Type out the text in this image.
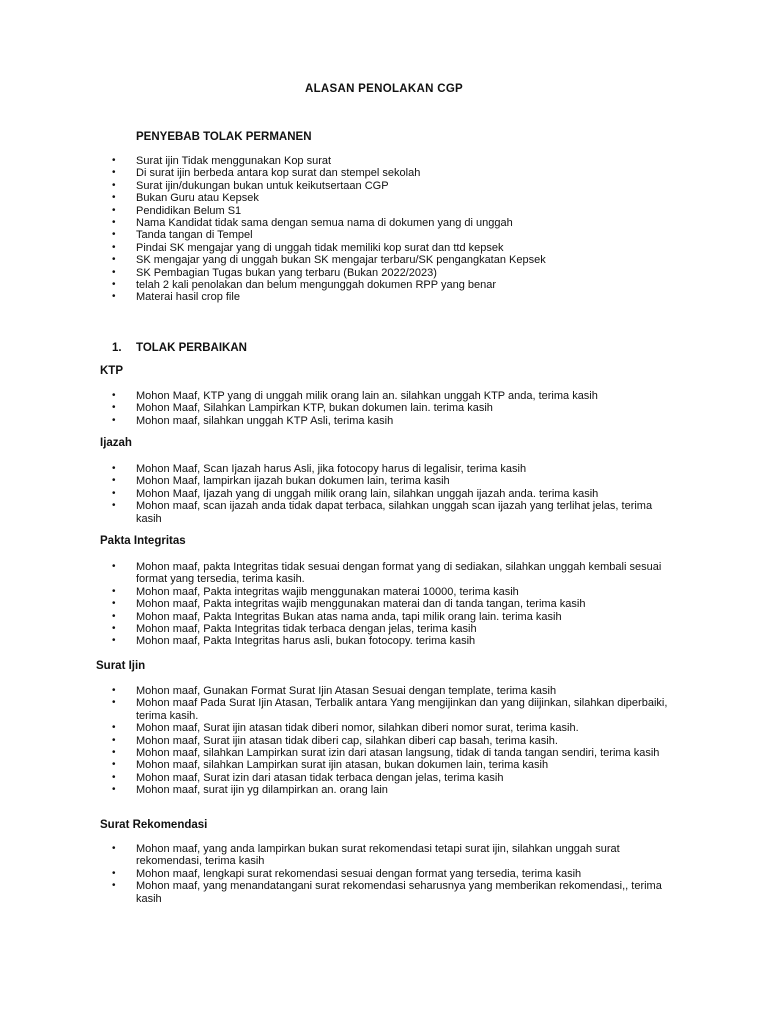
ALASAN PENOLAKAN CGP
PENYEBAB TOLAK PERMANEN
• Surat ijin Tidak menggunakan Kop surat
• Di surat ijin berbeda antara kop surat dan stempel sekolah
• Surat ijin/dukungan bukan untuk keikutsertaan CGP
• Bukan Guru atau Kepsek
• Pendidikan Belum S1
• Nama Kandidat tidak sama dengan semua nama di dokumen yang di unggah
• Tanda tangan di Tempel
• Pindai SK mengajar yang di unggah tidak memiliki kop surat dan ttd kepsek
• SK mengajar yang di unggah bukan SK mengajar terbaru/SK pengangkatan Kepsek
• SK Pembagian Tugas bukan yang terbaru (Bukan 2022/2023)
• telah 2 kali penolakan dan belum mengunggah dokumen RPP yang benar
• Materai hasil crop file
1. TOLAK PERBAIKAN
KTP
• Mohon Maaf, KTP yang di unggah milik orang lain an. silahkan unggah KTP anda, terima kasih
• Mohon Maaf, Silahkan Lampirkan KTP, bukan dokumen lain. terima kasih
• Mohon maaf, silahkan unggah KTP Asli, terima kasih
Ijazah
• Mohon Maaf, Scan Ijazah harus Asli, jika fotocopy harus di legalisir, terima kasih
• Mohon Maaf, lampirkan ijazah bukan dokumen lain, terima kasih
• Mohon Maaf, Ijazah yang di unggah milik orang lain, silahkan unggah ijazah anda. terima kasih
• Mohon maaf, scan ijazah anda tidak dapat terbaca, silahkan unggah scan ijazah yang terlihat jelas, terima kasih
Pakta Integritas
• Mohon maaf, pakta Integritas tidak sesuai dengan format yang di sediakan, silahkan unggah kembali sesuai format yang tersedia, terima kasih.
• Mohon maaf, Pakta integritas wajib menggunakan materai 10000, terima kasih
• Mohon maaf, Pakta integritas wajib menggunakan materai dan di tanda tangan, terima kasih
• Mohon maaf, Pakta Integritas Bukan atas nama anda, tapi milik orang lain. terima kasih
• Mohon maaf, Pakta Integritas tidak terbaca dengan jelas, terima kasih
• Mohon maaf, Pakta Integritas harus asli, bukan fotocopy. terima kasih
Surat Ijin
• Mohon maaf, Gunakan Format Surat Ijin Atasan Sesuai dengan template, terima kasih
• Mohon maaf Pada Surat Ijin Atasan, Terbalik antara Yang mengijinkan dan yang diijinkan, silahkan diperbaiki, terima kasih.
• Mohon maaf, Surat ijin atasan tidak diberi nomor, silahkan diberi nomor surat, terima kasih.
• Mohon maaf, Surat ijin atasan tidak diberi cap, silahkan diberi cap basah, terima kasih.
• Mohon maaf, silahkan Lampirkan surat izin dari atasan langsung, tidak di tanda tangan sendiri, terima kasih
• Mohon maaf, silahkan Lampirkan surat ijin atasan, bukan dokumen lain, terima kasih
• Mohon maaf, Surat izin dari atasan tidak terbaca dengan jelas, terima kasih
• Mohon maaf, surat ijin yg dilampirkan an. orang lain
Surat Rekomendasi
• Mohon maaf, yang anda lampirkan bukan surat rekomendasi tetapi surat ijin, silahkan unggah surat rekomendasi, terima kasih
• Mohon maaf, lengkapi surat rekomendasi sesuai dengan format yang tersedia, terima kasih
• Mohon maaf, yang menandatangani surat rekomendasi seharusnya yang memberikan rekomendasi,, terima kasih
